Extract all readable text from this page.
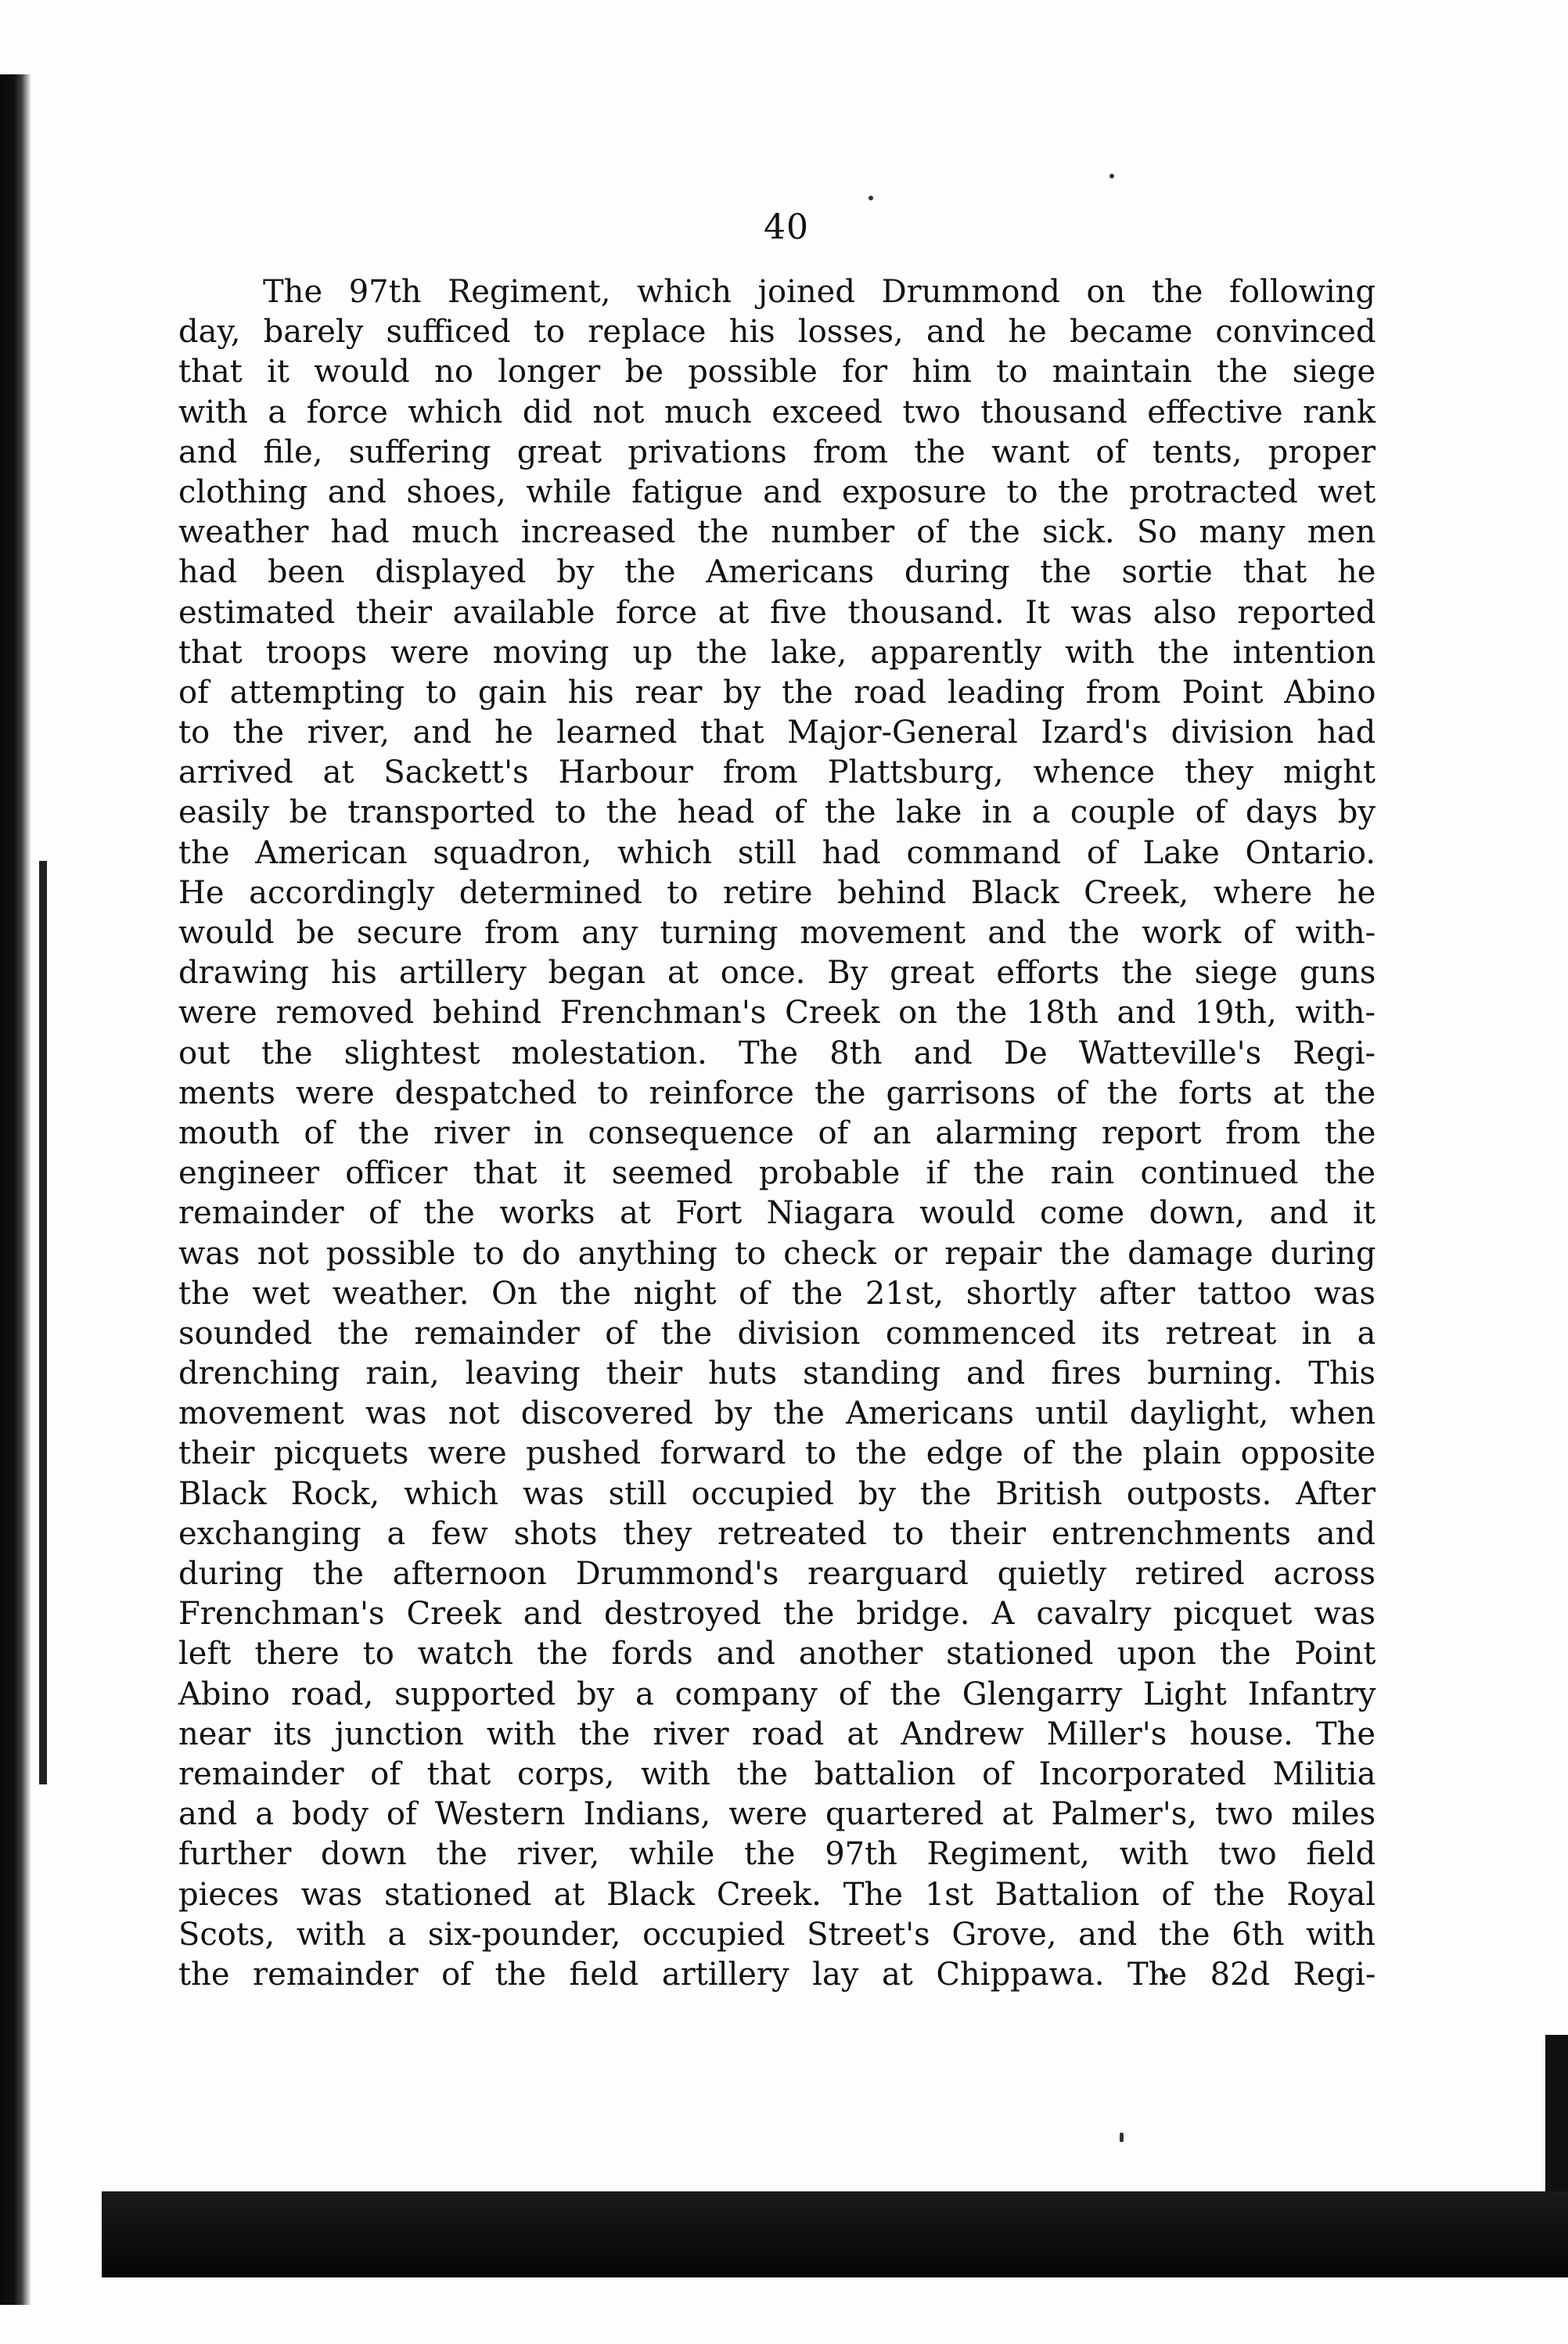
40
The 97th Regiment, which joined Drummond on the following
day, barely sufficed to replace his losses, and he became convinced
that it would no longer be possible for him to maintain the siege
with a force which did not much exceed two thousand effective rank
and file, suffering great privations from the want of tents, proper
clothing and shoes, while fatigue and exposure to the protracted wet
weather had much increased the number of the sick. So many men
had been displayed by the Americans during the sortie that he
estimated their available force at five thousand. It was also reported
that troops were moving up the lake, apparently with the intention
of attempting to gain his rear by the road leading from Point Abino
to the river, and he learned that Major-General Izard's division had
arrived at Sackett's Harbour from Plattsburg, whence they might
easily be transported to the head of the lake in a couple of days by
the American squadron, which still had command of Lake Ontario.
He accordingly determined to retire behind Black Creek, where he
would be secure from any turning movement and the work of with-
drawing his artillery began at once. By great efforts the siege guns
were removed behind Frenchman's Creek on the 18th and 19th, with-
out the slightest molestation. The 8th and De Watteville's Regi-
ments were despatched to reinforce the garrisons of the forts at the
mouth of the river in consequence of an alarming report from the
engineer officer that it seemed probable if the rain continued the
remainder of the works at Fort Niagara would come down, and it
was not possible to do anything to check or repair the damage during
the wet weather. On the night of the 21st, shortly after tattoo was
sounded the remainder of the division commenced its retreat in a
drenching rain, leaving their huts standing and fires burning. This
movement was not discovered by the Americans until daylight, when
their picquets were pushed forward to the edge of the plain opposite
Black Rock, which was still occupied by the British outposts. After
exchanging a few shots they retreated to their entrenchments and
during the afternoon Drummond's rearguard quietly retired across
Frenchman's Creek and destroyed the bridge. A cavalry picquet was
left there to watch the fords and another stationed upon the Point
Abino road, supported by a company of the Glengarry Light Infantry
near its junction with the river road at Andrew Miller's house. The
remainder of that corps, with the battalion of Incorporated Militia
and a body of Western Indians, were quartered at Palmer's, two miles
further down the river, while the 97th Regiment, with two field
pieces was stationed at Black Creek. The 1st Battalion of the Royal
Scots, with a six-pounder, occupied Street's Grove, and the 6th with
the remainder of the field artillery lay at Chippawa. The 82d Regi-
